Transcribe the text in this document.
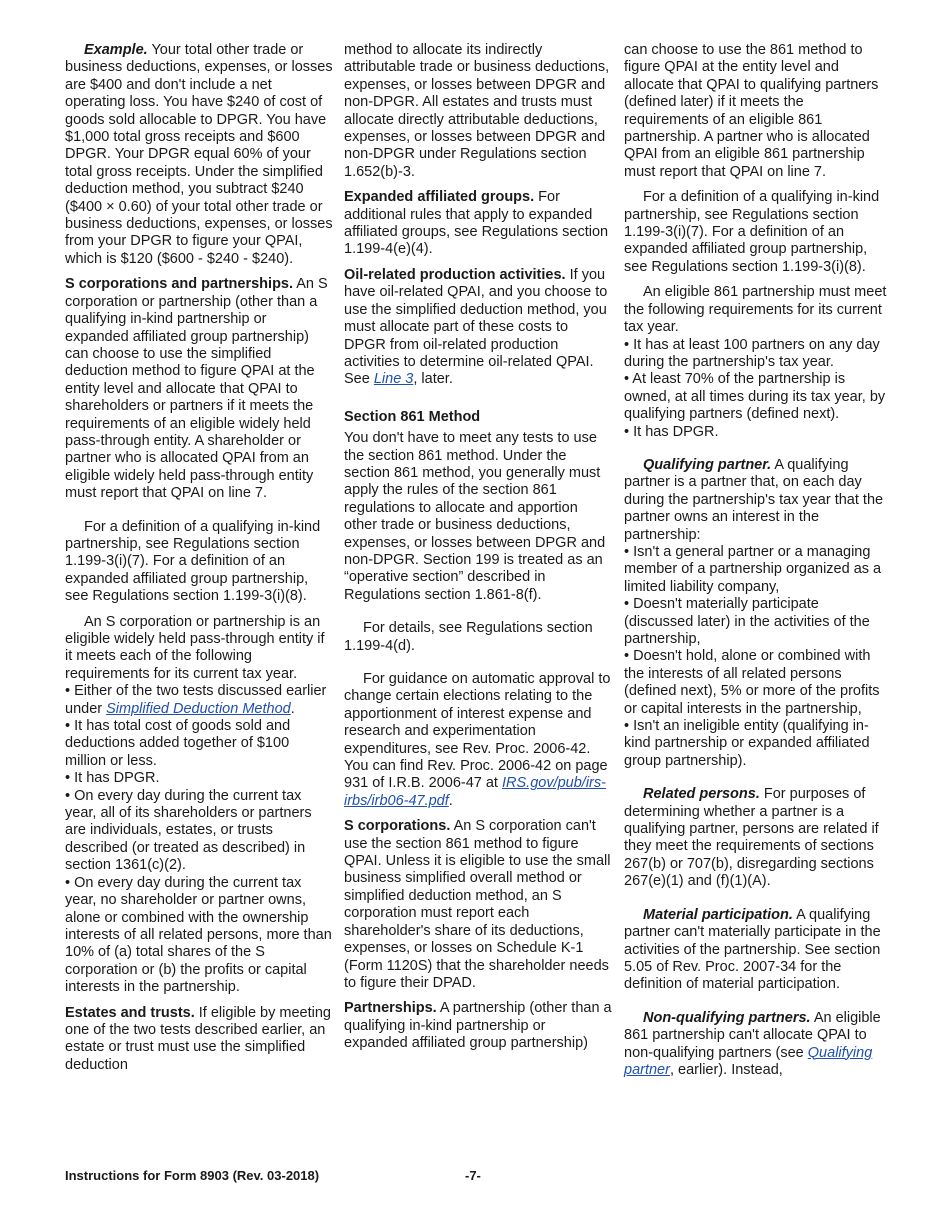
Example. Your total other trade or business deductions, expenses, or losses are $400 and don't include a net operating loss. You have $240 of cost of goods sold allocable to DPGR. You have $1,000 total gross receipts and $600 DPGR. Your DPGR equal 60% of your total gross receipts. Under the simplified deduction method, you subtract $240 ($400 × 0.60) of your total other trade or business deductions, expenses, or losses from your DPGR to figure your QPAI, which is $120 ($600 - $240 - $240).

S corporations and partnerships. An S corporation or partnership (other than a qualifying in-kind partnership or expanded affiliated group partnership) can choose to use the simplified deduction method to figure QPAI at the entity level and allocate that QPAI to shareholders or partners if it meets the requirements of an eligible widely held pass-through entity. A shareholder or partner who is allocated QPAI from an eligible widely held pass-through entity must report that QPAI on line 7.

For a definition of a qualifying in-kind partnership, see Regulations section 1.199-3(i)(7). For a definition of an expanded affiliated group partnership, see Regulations section 1.199-3(i)(8).

An S corporation or partnership is an eligible widely held pass-through entity if it meets each of the following requirements for its current tax year.

• Either of the two tests discussed earlier under Simplified Deduction Method.
• It has total cost of goods sold and deductions added together of $100 million or less.
• It has DPGR.
• On every day during the current tax year, all of its shareholders or partners are individuals, estates, or trusts described (or treated as described) in section 1361(c)(2).

• On every day during the current tax year, no shareholder or partner owns, alone or combined with the ownership interests of all related persons, more than 10% of (a) total shares of the S corporation or (b) the profits or capital interests in the partnership.

Estates and trusts. If eligible by meeting one of the two tests described earlier, an estate or trust must use the simplified deduction

method to allocate its indirectly attributable trade or business deductions, expenses, or losses between DPGR and non-DPGR. All estates and trusts must allocate directly attributable deductions, expenses, or losses between DPGR and non-DPGR under Regulations section 1.652(b)-3.

Expanded affiliated groups. For additional rules that apply to expanded affiliated groups, see Regulations section 1.199-4(e)(4).

Oil-related production activities. If you have oil-related QPAI, and you choose to use the simplified deduction method, you must allocate part of these costs to DPGR from oil-related production activities to determine oil-related QPAI. See Line 3, later.

Section 861 Method

You don't have to meet any tests to use the section 861 method. Under the section 861 method, you generally must apply the rules of the section 861 regulations to allocate and apportion other trade or business deductions, expenses, or losses between DPGR and non-DPGR. Section 199 is treated as an “operative section” described in Regulations section 1.861-8(f).

For details, see Regulations section 1.199-4(d).

For guidance on automatic approval to change certain elections relating to the apportionment of interest expense and research and experimentation expenditures, see Rev. Proc. 2006-42. You can find Rev. Proc. 2006-42 on page 931 of I.R.B. 2006-47 at IRS.gov/pub/irs-irbs/irb06-47.pdf.

S corporations. An S corporation can't use the section 861 method to figure QPAI. Unless it is eligible to use the small business simplified overall method or simplified deduction method, an S corporation must report each shareholder's share of its deductions, expenses, or losses on Schedule K-1 (Form 1120S) that the shareholder needs to figure their DPAD.

Partnerships. A partnership (other than a qualifying in-kind partnership or expanded affiliated group partnership)

can choose to use the 861 method to figure QPAI at the entity level and allocate that QPAI to qualifying partners (defined later) if it meets the requirements of an eligible 861 partnership. A partner who is allocated QPAI from an eligible 861 partnership must report that QPAI on line 7.

For a definition of a qualifying in-kind partnership, see Regulations section 1.199-3(i)(7). For a definition of an expanded affiliated group partnership, see Regulations section 1.199-3(i)(8).

An eligible 861 partnership must meet the following requirements for its current tax year.

• It has at least 100 partners on any day during the partnership's tax year.
• At least 70% of the partnership is owned, at all times during its tax year, by qualifying partners (defined next).

• It has DPGR.

Qualifying partner. A qualifying partner is a partner that, on each day during the partnership's tax year that the partner owns an interest in the partnership:

• Isn't a general partner or a managing member of a partnership organized as a limited liability company,
• Doesn't materially participate (discussed later) in the activities of the partnership,
• Doesn't hold, alone or combined with the interests of all related persons (defined next), 5% or more of the profits or capital interests in the partnership,

• Isn't an ineligible entity (qualifying in-kind partnership or expanded affiliated group partnership).

Related persons. For purposes of determining whether a partner is a qualifying partner, persons are related if they meet the requirements of sections 267(b) or 707(b), disregarding sections 267(e)(1) and (f)(1)(A).

Material participation. A qualifying partner can't materially participate in the activities of the partnership. See section 5.05 of Rev. Proc. 2007-34 for the definition of material participation.

Non-qualifying partners. An eligible 861 partnership can't allocate QPAI to non-qualifying partners (see Qualifying partner, earlier). Instead,

Instructions for Form 8903 (Rev. 03-2018)	-7-
